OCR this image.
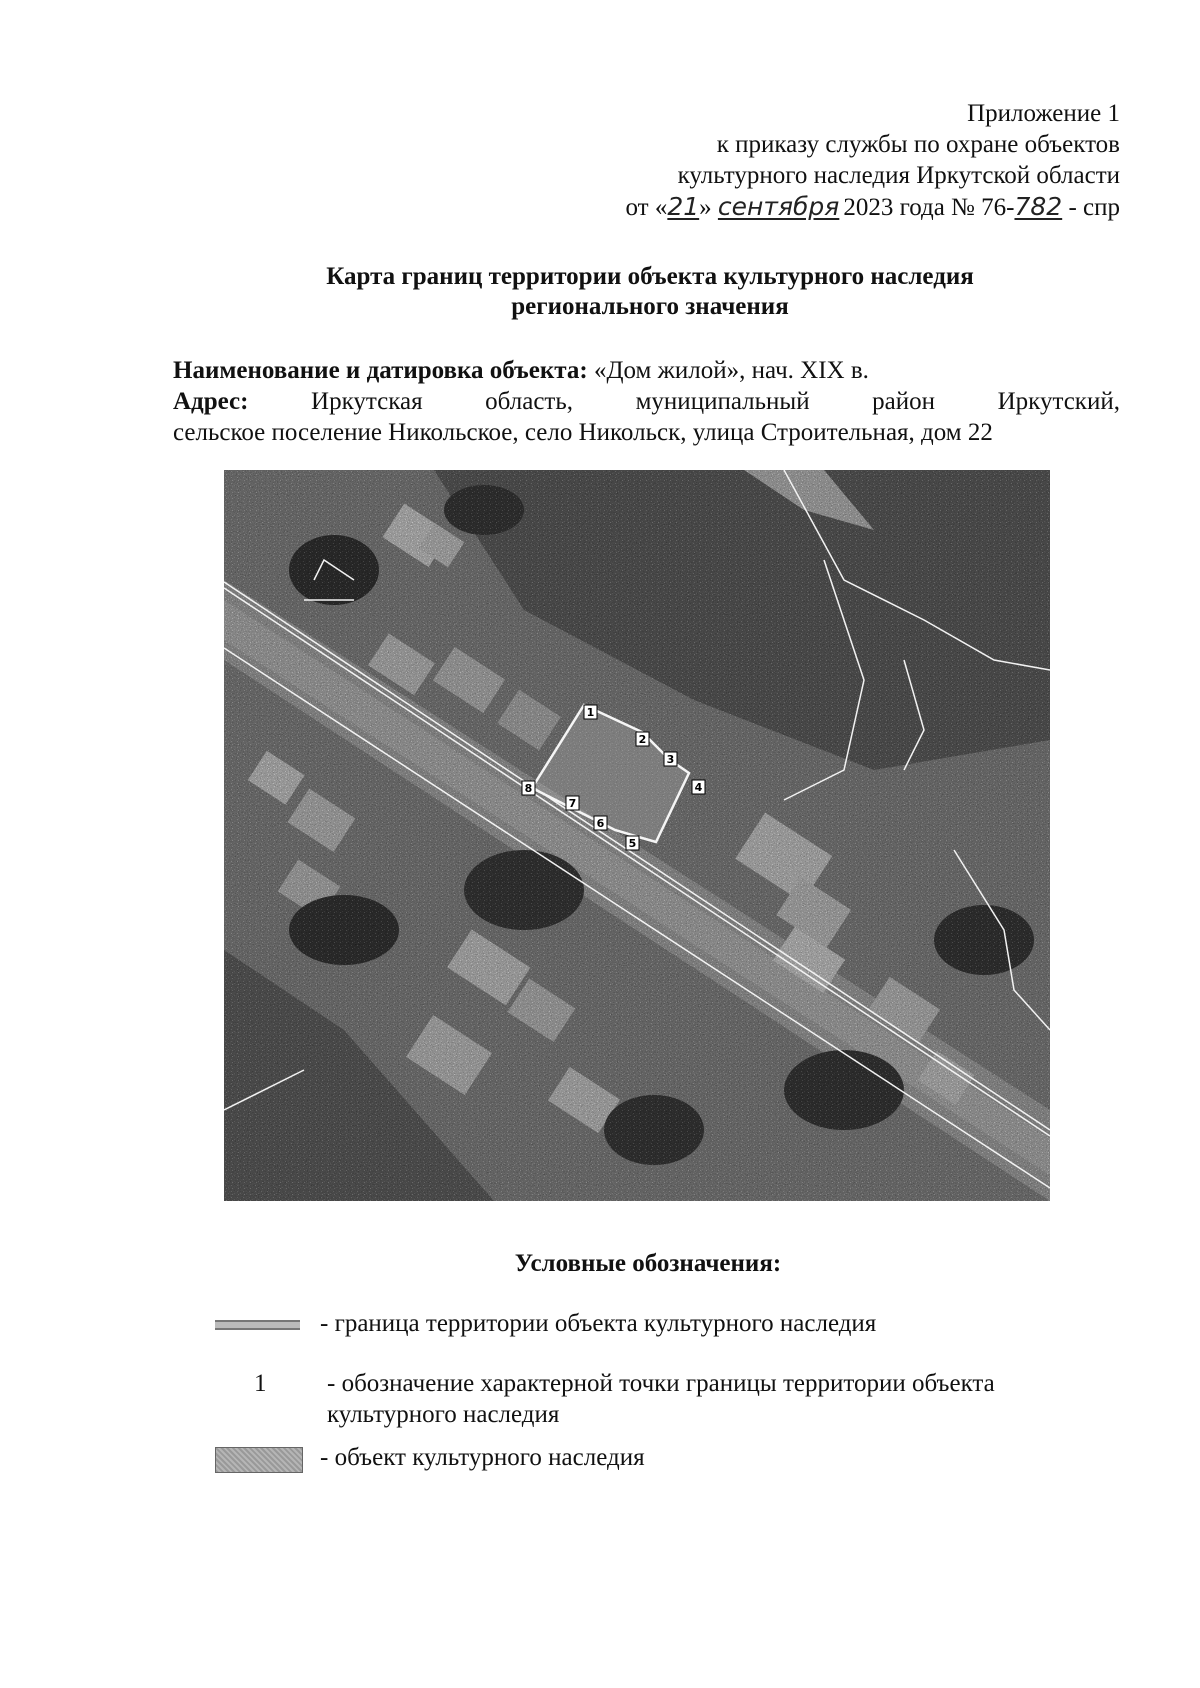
Приложение 1
к приказу службы по охране объектов
культурного наследия Иркутской области
от «21» сентября 2023 года № 76-782 - спр
Карта границ территории объекта культурного наследия
регионального значения
Наименование и датировка объекта: «Дом жилой», нач. XIX в.
Адрес:	Иркутская	область,	муниципальный	район	Иркутский,
сельское поселение Никольское, село Никольск, улица Строительная, дом 22
1
2
3
4
5
6
7
8
Условные обозначения:
- граница территории объекта культурного наследия
1 - обозначение характерной точки границы территории объекта
культурного наследия
- объект культурного наследия
